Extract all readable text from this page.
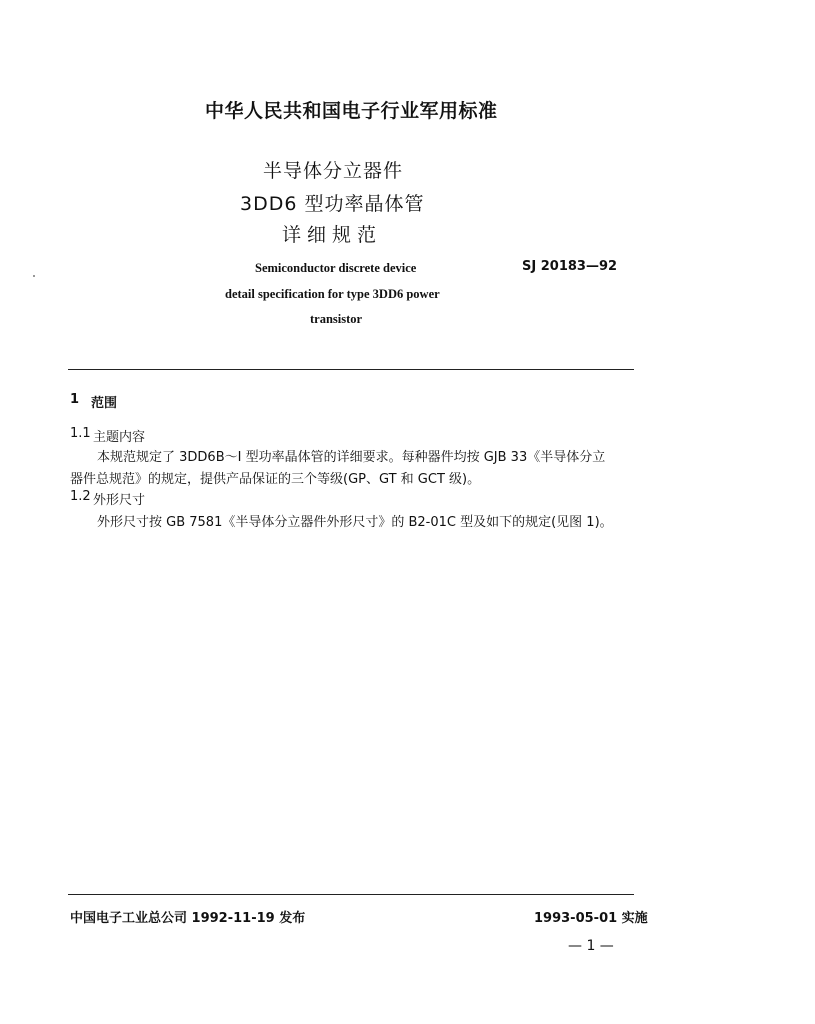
中华人民共和国电子行业军用标准
半导体分立器件
3DD6 型功率晶体管
详细规范
Semiconductor discrete device
detail specification for type 3DD6 power
transistor
SJ 20183—92
1 范围
1.1 主题内容
本规范规定了 3DD6B～I 型功率晶体管的详细要求。每种器件均按 GJB 33《半导体分立
器件总规范》的规定，提供产品保证的三个等级(GP、GT 和 GCT 级)。
1.2 外形尺寸
外形尺寸按 GB 7581《半导体分立器件外形尺寸》的 B2-01C 型及如下的规定(见图 1)。
中国电子工业总公司 1992-11-19 发布	1993-05-01 实施
— 1 —
